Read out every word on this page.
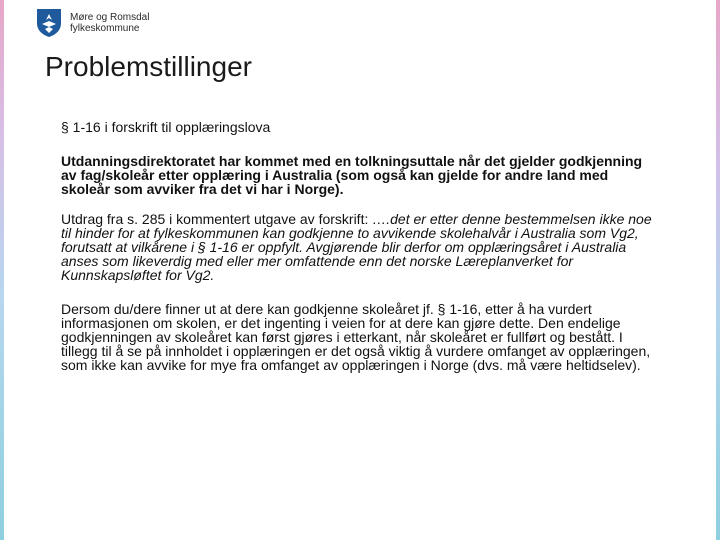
Møre og Romsdal
fylkeskommune
Problemstillinger

§ 1-16 i forskrift til opplæringslova

Utdanningsdirektoratet har kommet med en tolkningsuttale når det gjelder godkjenning av fag/skoleår etter opplæring i Australia (som også kan gjelde for andre land med skoleår som avviker fra det vi har i Norge).

Utdrag fra s. 285 i kommentert utgave av forskrift: ….det er etter denne bestemmelsen ikke noe til hinder for at fylkeskommunen kan godkjenne to avvikende skolehalvår i Australia som Vg2, forutsatt at vilkårene i § 1-16 er oppfylt. Avgjørende blir derfor om opplæringsåret i Australia anses som likeverdig med eller mer omfattende enn det norske Læreplanverket for Kunnskapsløftet for Vg2.

Dersom du/dere finner ut at dere kan godkjenne skoleåret jf. § 1-16, etter å ha vurdert informasjonen om skolen, er det ingenting i veien for at dere kan gjøre dette. Den endelige godkjenningen av skoleåret kan først gjøres i etterkant, når skoleåret er fullført og bestått. I tillegg til å se på innholdet i opplæringen er det også viktig å vurdere omfanget av opplæringen, som ikke kan avvike for mye fra omfanget av opplæringen i Norge (dvs. må være heltidselev).
